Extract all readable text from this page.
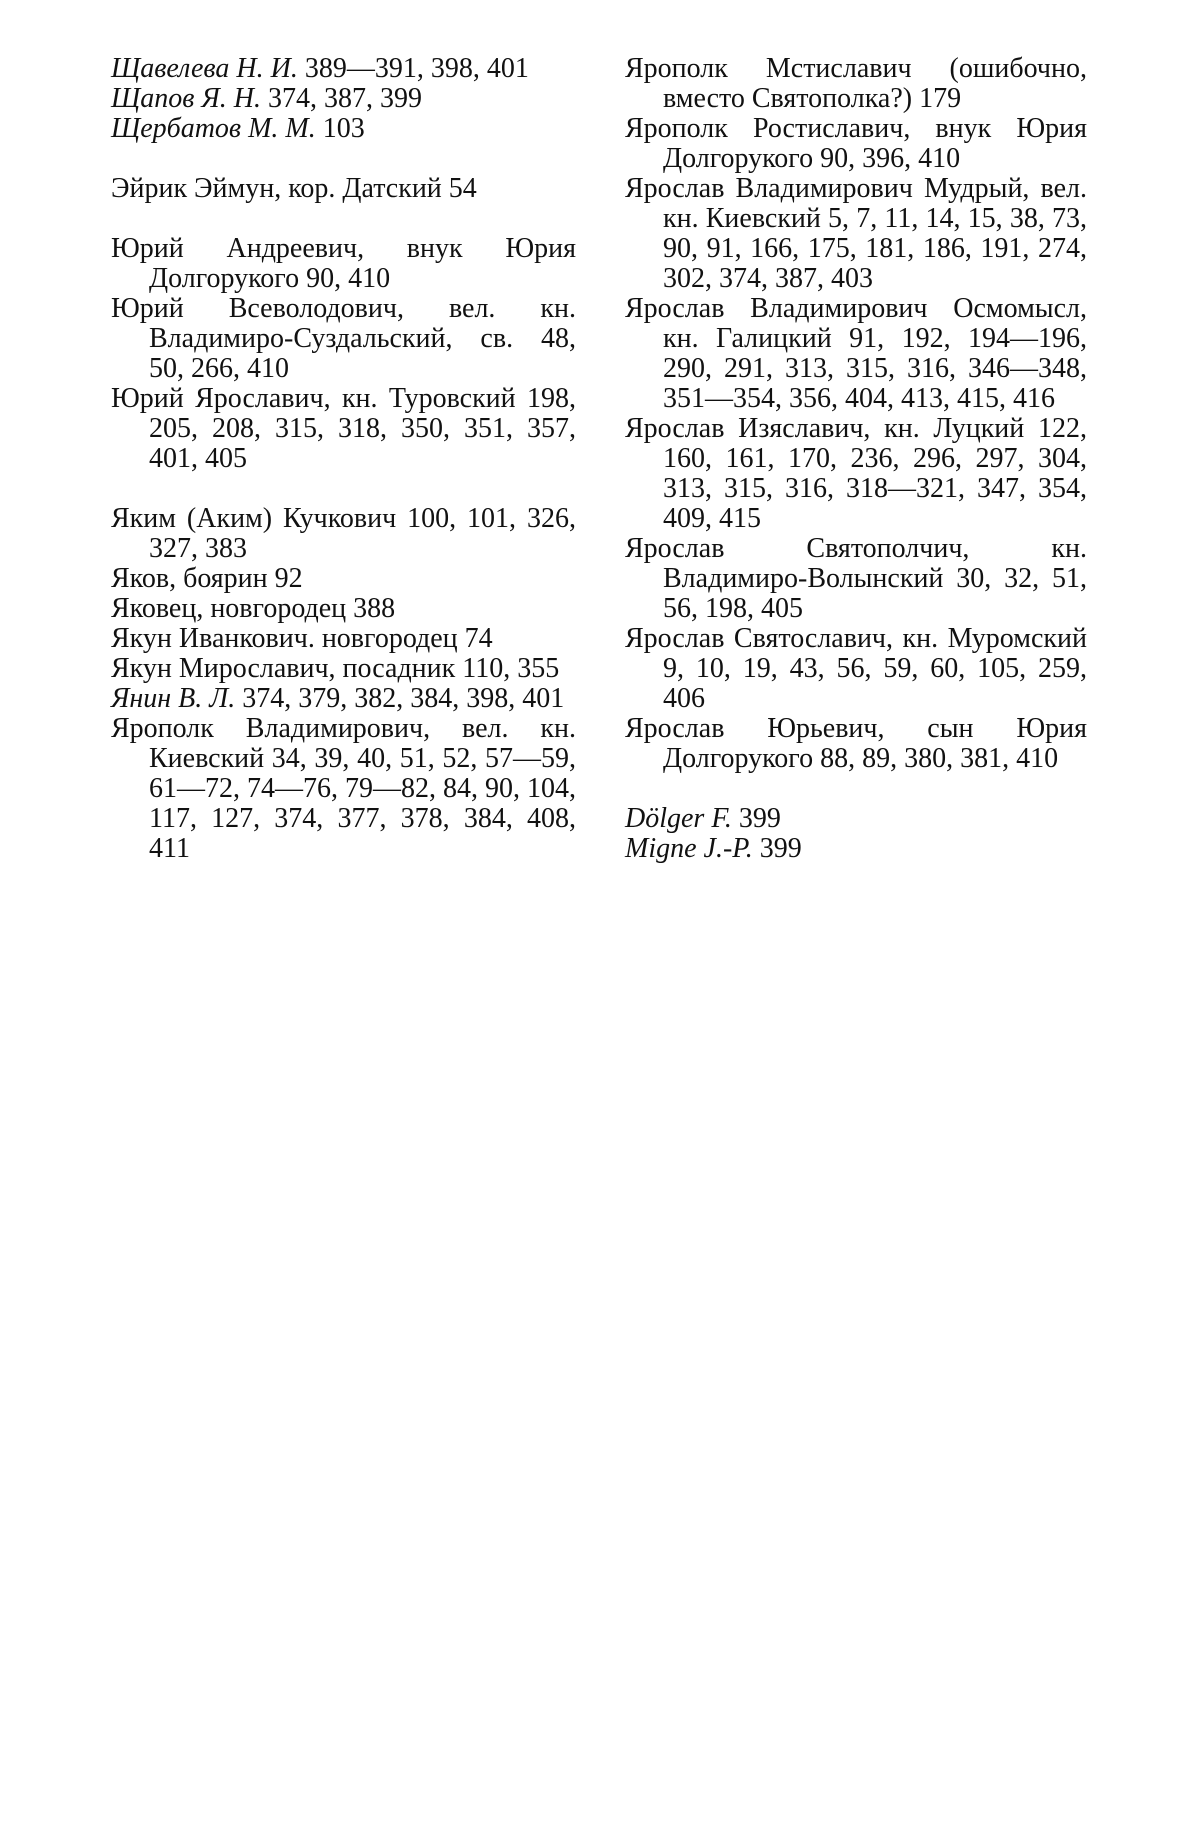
Щавелева Н. И. 389—391, 398, 401

Щапов Я. Н. 374, 387, 399

Щербатов М. М. 103

Эйрик Эймун, кор. Датский 54

Юрий Андреевич, внук Юрия Долгорукого 90, 410

Юрий Всеволодович, вел. кн. Владимиро-Суздальский, св. 48, 50, 266, 410

Юрий Ярославич, кн. Туровский 198, 205, 208, 315, 318, 350, 351, 357, 401, 405

Яким (Аким) Кучкович 100, 101, 326, 327, 383

Яков, боярин 92

Яковец, новгородец 388

Якун Иванкович. новгородец 74

Якун Мирославич, посадник 110, 355

Янин В. Л. 374, 379, 382, 384, 398, 401

Ярополк Владимирович, вел. кн. Киевский 34, 39, 40, 51, 52, 57—59, 61—72, 74—76, 79—82, 84, 90, 104, 117, 127, 374, 377, 378, 384, 408, 411

Ярополк Мстиславич (ошибочно, вместо Святополка?) 179

Ярополк Ростиславич, внук Юрия Долгорукого 90, 396, 410

Ярослав Владимирович Мудрый, вел. кн. Киевский 5, 7, 11, 14, 15, 38, 73, 90, 91, 166, 175, 181, 186, 191, 274, 302, 374, 387, 403

Ярослав Владимирович Осмомысл, кн. Галицкий 91, 192, 194—196, 290, 291, 313, 315, 316, 346—348, 351—354, 356, 404, 413, 415, 416

Ярослав Изяславич, кн. Луцкий 122, 160, 161, 170, 236, 296, 297, 304, 313, 315, 316, 318—321, 347, 354, 409, 415

Ярослав Святополчич, кн. Владимиро-Волынский 30, 32, 51, 56, 198, 405

Ярослав Святославич, кн. Муромский 9, 10, 19, 43, 56, 59, 60, 105, 259, 406

Ярослав Юрьевич, сын Юрия Долгорукого 88, 89, 380, 381, 410

Dölger F. 399

Migne J.-P. 399
